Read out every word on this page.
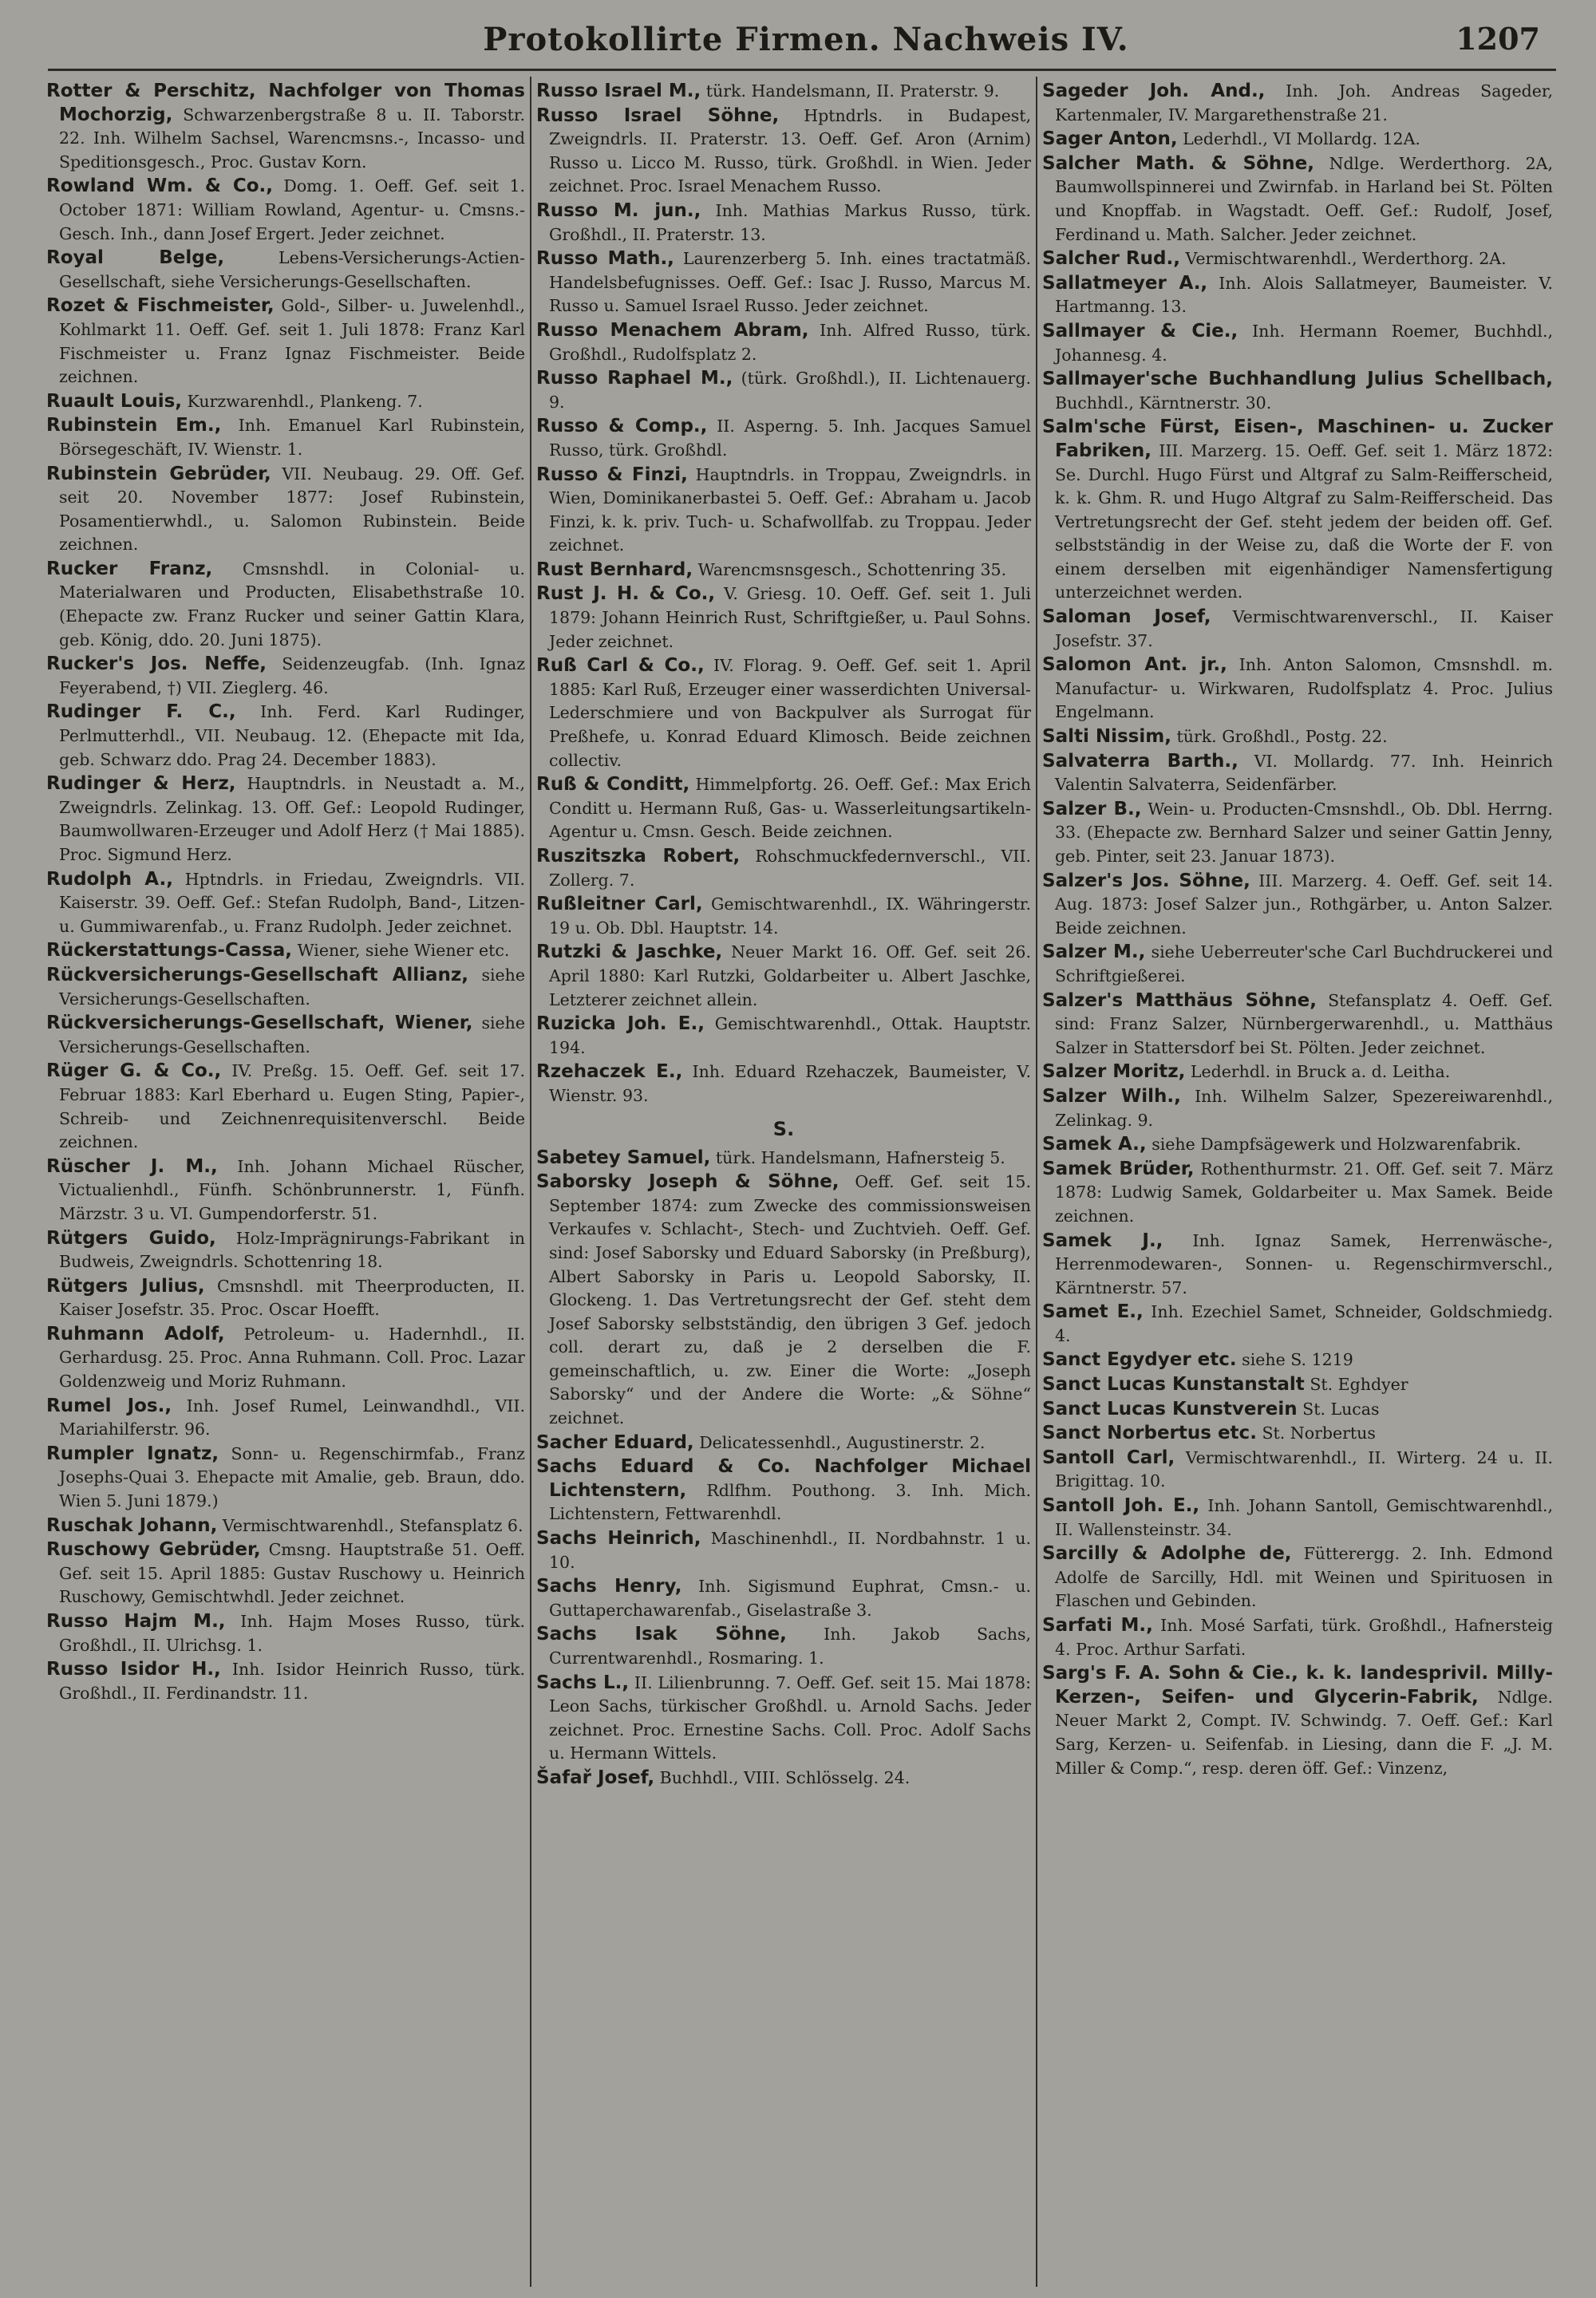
Protokollirte Firmen. Nachweis IV.	1207
Rotter & Perschitz, Nachfolger von Thomas Mochorzig, Schwarzenbergstraße 8 u. II. Taborstr. 22. Inh. Wilhelm Sachsel, Warencmsns.-, Incasso- und Speditionsgesch., Proc. Gustav Korn.
Rowland Wm. & Co., Domg. 1. Oeff. Gef. seit 1. October 1871: William Rowland, Agentur- u. Cmsns.-Gesch. Inh., dann Josef Ergert. Jeder zeichnet.
Royal Belge,	Lebens-Versicherungs-Actien-Gesellschaft, siehe Versicherungs-Gesellschaften.
Rozet & Fischmeister, Gold-, Silber- u. Juwelenhdl., Kohlmarkt 11. Oeff. Gef. seit 1. Juli 1878: Franz Karl Fischmeister u. Franz Ignaz Fischmeister. Beide zeichnen.
Ruault Louis, Kurzwarenhdl., Plankeng. 7.
Rubinstein Em., Inh. Emanuel Karl Rubinstein, Börsegeschäft, IV. Wienstr. 1.
Rubinstein Gebrüder, VII. Neubaug. 29. Off. Gef. seit 20. November 1877: Josef Rubinstein, Posamentierwhdl., u. Salomon Rubinstein. Beide zeichnen.
Rucker Franz, Cmsnshdl. in Colonial- u. Materialwaren und Producten, Elisabethstraße 10. (Ehepacte zw. Franz Rucker und seiner Gattin Klara, geb. König, ddo. 20. Juni 1875).
Rucker's Jos. Neffe, Seidenzeugfab. (Inh. Ignaz Feyerabend, †) VII. Zieglerg. 46.
Rudinger F. C., Inh. Ferd. Karl Rudinger, Perlmutterhdl., VII. Neubaug. 12. (Ehepacte mit Ida, geb. Schwarz ddo. Prag 24. December 1883).
Rudinger & Herz, Hauptndrls. in Neustadt a. M., Zweigndrls. Zelinkag. 13. Off. Gef.: Leopold Rudinger, Baumwollwaren-Erzeuger und Adolf Herz († Mai 1885). Proc. Sigmund Herz.
Rudolph A., Hptndrls. in Friedau, Zweigndrls. VII. Kaiserstr. 39. Oeff. Gef.: Stefan Rudolph, Band-, Litzen- u. Gummiwarenfab., u. Franz Rudolph. Jeder zeichnet.
Rückerstattungs-Cassa, Wiener, siehe Wiener etc.
Rückversicherungs-Gesellschaft Allianz, siehe Versicherungs-Gesellschaften.
Rückversicherungs-Gesellschaft, Wiener, siehe Versicherungs-Gesellschaften.
Rüger G. & Co., IV. Preßg. 15. Oeff. Gef. seit 17. Februar 1883: Karl Eberhard u. Eugen Sting, Papier-, Schreib- und Zeichnenrequisitenverschl. Beide zeichnen.
Rüscher J. M., Inh. Johann Michael Rüscher, Victualienhdl., Fünfh. Schönbrunnerstr. 1, Fünfh. Märzstr. 3 u. VI. Gumpendorferstr. 51.
Rütgers Guido, Holz-Imprägnirungs-Fabrikant in Budweis, Zweigndrls. Schottenring 18.
Rütgers Julius, Cmsnshdl. mit Theerproducten, II. Kaiser Josefstr. 35. Proc. Oscar Hoefft.
Ruhmann Adolf, Petroleum- u. Hadernhdl., II. Gerhardusg. 25. Proc. Anna Ruhmann. Coll. Proc. Lazar Goldenzweig und Moriz Ruhmann.
Rumel Jos., Inh. Josef Rumel, Leinwandhdl., VII. Mariahilferstr. 96.
Rumpler Ignatz, Sonn- u. Regenschirmfab., Franz Josephs-Quai 3. Ehepacte mit Amalie, geb. Braun, ddo. Wien 5. Juni 1879.)
Ruschak Johann, Vermischtwarenhdl., Stefansplatz 6.
Ruschowy Gebrüder, Cmsng. Hauptstraße 51. Oeff. Gef. seit 15. April 1885: Gustav Ruschowy u. Heinrich Ruschowy, Gemischtwhdl. Jeder zeichnet.
Russo Hajm M., Inh. Hajm Moses Russo, türk. Großhdl., II. Ulrichsg. 1.
Russo Isidor H., Inh. Isidor Heinrich Russo, türk. Großhdl., II. Ferdinandstr. 11.
Russo Israel M., türk. Handelsmann, II. Praterstr. 9.
Russo Israel Söhne, Hptndrls. in Budapest, Zweigndrls. II. Praterstr. 13. Oeff. Gef. Aron (Arnim) Russo u. Licco M. Russo, türk. Großhdl. in Wien. Jeder zeichnet. Proc. Israel Menachem Russo.
Russo M. jun., Inh. Mathias Markus Russo, türk. Großhdl., II. Praterstr. 13.
Russo Math., Laurenzerberg 5. Inh. eines tractatmäß. Handelsbefugnisses. Oeff. Gef.: Isac J. Russo, Marcus M. Russo u. Samuel Israel Russo. Jeder zeichnet.
Russo Menachem Abram, Inh. Alfred Russo, türk. Großhdl., Rudolfsplatz 2.
Russo Raphael M., (türk. Großhdl.), II. Lichtenauerg. 9.
Russo & Comp., II. Asperng. 5. Inh. Jacques Samuel Russo, türk. Großhdl.
Russo & Finzi, Hauptndrls. in Troppau, Zweigndrls. in Wien, Dominikanerbastei 5. Oeff. Gef.: Abraham u. Jacob Finzi, k. k. priv. Tuch- u. Schafwollfab. zu Troppau. Jeder zeichnet.
Rust Bernhard, Warencmsnsgesch., Schottenring 35.
Rust J. H. & Co., V. Griesg. 10. Oeff. Gef. seit 1. Juli 1879: Johann Heinrich Rust, Schriftgießer, u. Paul Sohns. Jeder zeichnet.
Ruß Carl & Co., IV. Florag. 9. Oeff. Gef. seit 1. April 1885: Karl Ruß, Erzeuger einer wasserdichten Universal-Lederschmiere und von Backpulver als Surrogat für Preßhefe, u. Konrad Eduard Klimosch. Beide zeichnen collectiv.
Ruß & Conditt, Himmelpfortg. 26. Oeff. Gef.: Max Erich Conditt u. Hermann Ruß, Gas- u. Wasserleitungsartikeln-Agentur u. Cmsn. Gesch. Beide zeichnen.
Ruszitszka Robert, Rohschmuckfedernverschl., VII. Zollerg. 7.
Rußleitner Carl, Gemischtwarenhdl., IX. Währingerstr. 19 u. Ob. Dbl. Hauptstr. 14.
Rutzki & Jaschke, Neuer Markt 16. Off. Gef. seit 26. April 1880: Karl Rutzki, Goldarbeiter u. Albert Jaschke, Letzterer zeichnet allein.
Ruzicka Joh. E., Gemischtwarenhdl., Ottak. Hauptstr. 194.
Rzehaczek E., Inh. Eduard Rzehaczek, Baumeister, V. Wienstr. 93.
S.
Sabetey Samuel, türk. Handelsmann, Hafnersteig 5.
Saborsky Joseph & Söhne, Oeff. Gef. seit 15. September 1874: zum Zwecke des commissionsweisen Verkaufes v. Schlacht-, Stech- und Zuchtvieh. Oeff. Gef. sind: Josef Saborsky und Eduard Saborsky (in Preßburg), Albert Saborsky in Paris u. Leopold Saborsky, II. Glockeng. 1. Das Vertretungsrecht der Gef. steht dem Josef Saborsky selbstständig, den übrigen 3 Gef. jedoch coll. derart zu, daß je 2 derselben die F. gemeinschaftlich, u. zw. Einer die Worte: „Joseph Saborsky“ und der Andere die Worte: „& Söhne“ zeichnet.
Sacher Eduard, Delicatessenhdl., Augustinerstr. 2.
Sachs Eduard & Co. Nachfolger Michael Lichtenstern, Rdlfhm. Pouthong. 3. Inh. Mich. Lichtenstern, Fettwarenhdl.
Sachs Heinrich, Maschinenhdl., II. Nordbahnstr. 1 u. 10.
Sachs Henry, Inh. Sigismund Euphrat, Cmsn.- u. Guttaperchawarenfab., Giselastraße 3.
Sachs Isak Söhne, Inh. Jakob Sachs, Currentwarenhdl., Rosmaring. 1.
Sachs L., II. Lilienbrunng. 7. Oeff. Gef. seit 15. Mai 1878: Leon Sachs, türkischer Großhdl. u. Arnold Sachs. Jeder zeichnet. Proc. Ernestine Sachs. Coll. Proc. Adolf Sachs u. Hermann Wittels.
Šafař Josef, Buchhdl., VIII. Schlösselg. 24.
Sageder Joh. And., Inh. Joh. Andreas Sageder, Kartenmaler, IV. Margarethenstraße 21.
Sager Anton, Lederhdl., VI Mollardg. 12A.
Salcher Math. & Söhne, Ndlge. Werderthorg. 2A, Baumwollspinnerei und Zwirnfab. in Harland bei St. Pölten und Knopffab. in Wagstadt. Oeff. Gef.: Rudolf, Josef, Ferdinand u. Math. Salcher. Jeder zeichnet.
Salcher Rud., Vermischtwarenhdl., Werderthorg. 2A.
Sallatmeyer A., Inh. Alois Sallatmeyer, Baumeister. V. Hartmanng. 13.
Sallmayer & Cie., Inh. Hermann Roemer, Buchhdl., Johannesg. 4.
Sallmayer'sche Buchhandlung Julius Schellbach, Buchhdl., Kärntnerstr. 30.
Salm'sche Fürst, Eisen-, Maschinen- u. Zucker Fabriken, III. Marzerg. 15. Oeff. Gef. seit 1. März 1872: Se. Durchl. Hugo Fürst und Altgraf zu Salm-Reifferscheid, k. k. Ghm. R. und Hugo Altgraf zu Salm-Reifferscheid. Das Vertretungsrecht der Gef. steht jedem der beiden off. Gef. selbstständig in der Weise zu, daß die Worte der F. von einem derselben mit eigenhändiger Namensfertigung unterzeichnet werden.
Saloman Josef, Vermischtwarenverschl., II. Kaiser Josefstr. 37.
Salomon Ant. jr., Inh. Anton Salomon, Cmsnshdl. m. Manufactur- u. Wirkwaren, Rudolfsplatz 4. Proc. Julius Engelmann.
Salti Nissim, türk. Großhdl., Postg. 22.
Salvaterra Barth., VI. Mollardg. 77. Inh. Heinrich Valentin Salvaterra, Seidenfärber.
Salzer B., Wein- u. Producten-Cmsnshdl., Ob. Dbl. Herrng. 33. (Ehepacte zw. Bernhard Salzer und seiner Gattin Jenny, geb. Pinter, seit 23. Januar 1873).
Salzer's Jos. Söhne, III. Marzerg. 4. Oeff. Gef. seit 14. Aug. 1873: Josef Salzer jun., Rothgärber, u. Anton Salzer. Beide zeichnen.
Salzer M., siehe Ueberreuter'sche Carl Buchdruckerei und Schriftgießerei.
Salzer's Matthäus Söhne, Stefansplatz 4. Oeff. Gef. sind: Franz Salzer, Nürnbergerwarenhdl., u. Matthäus Salzer in Stattersdorf bei St. Pölten. Jeder zeichnet.
Salzer Moritz, Lederhdl. in Bruck a. d. Leitha.
Salzer Wilh., Inh. Wilhelm Salzer, Spezereiwarenhdl., Zelinkag. 9.
Samek A., siehe Dampfsägewerk und Holzwarenfabrik.
Samek Brüder, Rothenthurmstr. 21. Off. Gef. seit 7. März 1878: Ludwig Samek, Goldarbeiter u. Max Samek. Beide zeichnen.
Samek J., Inh. Ignaz Samek, Herrenwäsche-, Herrenmodewaren-, Sonnen- u. Regenschirmverschl., Kärntnerstr. 57.
Samet E., Inh. Ezechiel Samet, Schneider, Goldschmiedg. 4.
Sanct Egydyer etc. siehe S. 1219
Sanct Lucas Kunstanstalt St. Eghdyer
Sanct Lucas Kunstverein St. Lucas
Sanct Norbertus etc. St. Norbertus
Santoll Carl, Vermischtwarenhdl., II. Wirterg. 24 u. II. Brigittag. 10.
Santoll Joh. E., Inh. Johann Santoll, Gemischtwarenhdl., II. Wallensteinstr. 34.
Sarcilly & Adolphe de, Fütterergg. 2. Inh. Edmond Adolfe de Sarcilly, Hdl. mit Weinen und Spirituosen in Flaschen und Gebinden.
Sarfati M., Inh. Mosé Sarfati, türk. Großhdl., Hafnersteig 4. Proc. Arthur Sarfati.
Sarg's F. A. Sohn & Cie., k. k. landesprivil. Milly-Kerzen-, Seifen- und Glycerin-Fabrik, Ndlge. Neuer Markt 2, Compt. IV. Schwindg. 7. Oeff. Gef.: Karl Sarg, Kerzen- u. Seifenfab. in Liesing, dann die F. „J. M. Miller & Comp.“, resp. deren öff. Gef.: Vinzenz,
